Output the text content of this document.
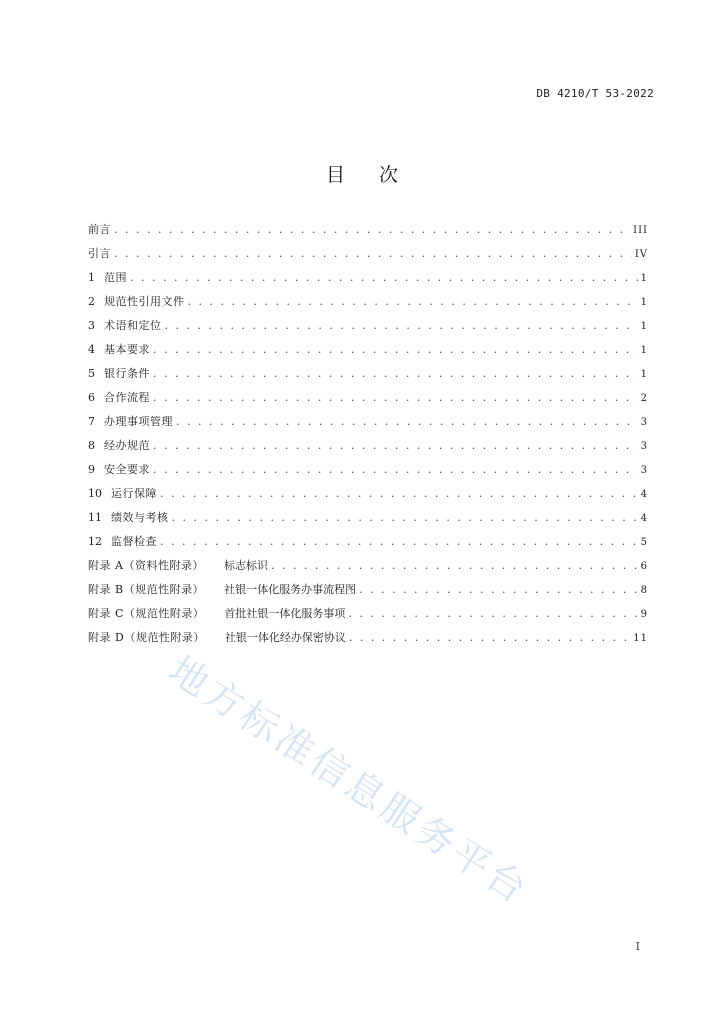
DB 4210/T 53-2022
目次
前言 . . .	III
引言 . . .	IV
1 范围 . . .	1
2 规范性引用文件 . . .	1
3 术语和定位 . . .	1
4 基本要求 . . .	1
5 银行条件 . . .	1
6 合作流程 . . .	2
7 办理事项管理 . . .	3
8 经办规范 . . .	3
9 安全要求 . . .	3
10 运行保障 . . .	4
11 绩效与考核 . . .	4
12 监督检查 . . .	5
附录 A（资料性附录） 标志标识 . . .	6
附录 B（规范性附录） 社银一体化服务办事流程图 . . .	8
附录 C（规范性附录） 首批社银一体化服务事项 . . .	9
附录 D（规范性附录） 社银一体化经办保密协议 . . .	11
地方标准信息服务平台
I
